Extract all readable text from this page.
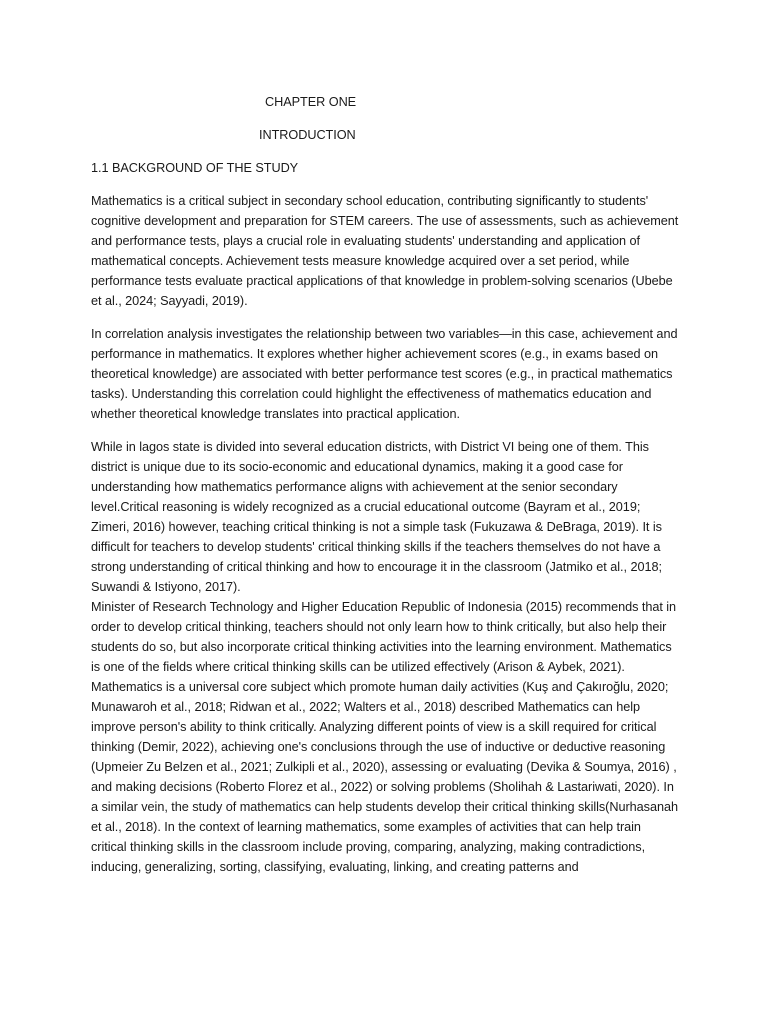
CHAPTER ONE
INTRODUCTION
1.1 BACKGROUND OF THE STUDY

Mathematics is a critical subject in secondary school education, contributing significantly to students' cognitive development and preparation for STEM careers. The use of assessments, such as achievement and performance tests, plays a crucial role in evaluating students' understanding and application of mathematical concepts. Achievement tests measure knowledge acquired over a set period, while performance tests evaluate practical applications of that knowledge in problem-solving scenarios (Ubebe et al., 2024; Sayyadi, 2019).

In correlation analysis investigates the relationship between two variables—in this case, achievement and performance in mathematics. It explores whether higher achievement scores (e.g., in exams based on theoretical knowledge) are associated with better performance test scores (e.g., in practical mathematics tasks). Understanding this correlation could highlight the effectiveness of mathematics education and whether theoretical knowledge translates into practical application.

While in lagos state is divided into several education districts, with District VI being one of them. This district is unique due to its socio-economic and educational dynamics, making it a good case for understanding how mathematics performance aligns with achievement at the senior secondary level.Critical reasoning is widely recognized as a crucial educational outcome (Bayram et al., 2019; Zimeri, 2016) however, teaching critical thinking is not a simple task (Fukuzawa & DeBraga, 2019). It is difficult for teachers to develop students' critical thinking skills if the teachers themselves do not have a strong understanding of critical thinking and how to encourage it in the classroom (Jatmiko et al., 2018; Suwandi & Istiyono, 2017).

Minister of Research Technology and Higher Education Republic of Indonesia (2015) recommends that in order to develop critical thinking, teachers should not only learn how to think critically, but also help their students do so, but also incorporate critical thinking activities into the learning environment. Mathematics is one of the fields where critical thinking skills can be utilized effectively (Arison & Aybek, 2021).

Mathematics is a universal core subject which promote human daily activities (Kuş and Çakıroğlu, 2020; Munawaroh et al., 2018; Ridwan et al., 2022; Walters et al., 2018) described Mathematics can help improve person's ability to think critically. Analyzing different points of view is a skill required for critical thinking (Demir, 2022), achieving one's conclusions through the use of inductive or deductive reasoning (Upmeier Zu Belzen et al., 2021; Zulkipli et al., 2020), assessing or evaluating (Devika & Soumya, 2016) , and making decisions (Roberto Florez et al., 2022) or solving problems (Sholihah & Lastariwati, 2020). In a similar vein, the study of mathematics can help students develop their critical thinking skills(Nurhasanah et al., 2018). In the context of learning mathematics, some examples of activities that can help train critical thinking skills in the classroom include proving, comparing, analyzing, making contradictions, inducing, generalizing, sorting, classifying, evaluating, linking, and creating patterns and
